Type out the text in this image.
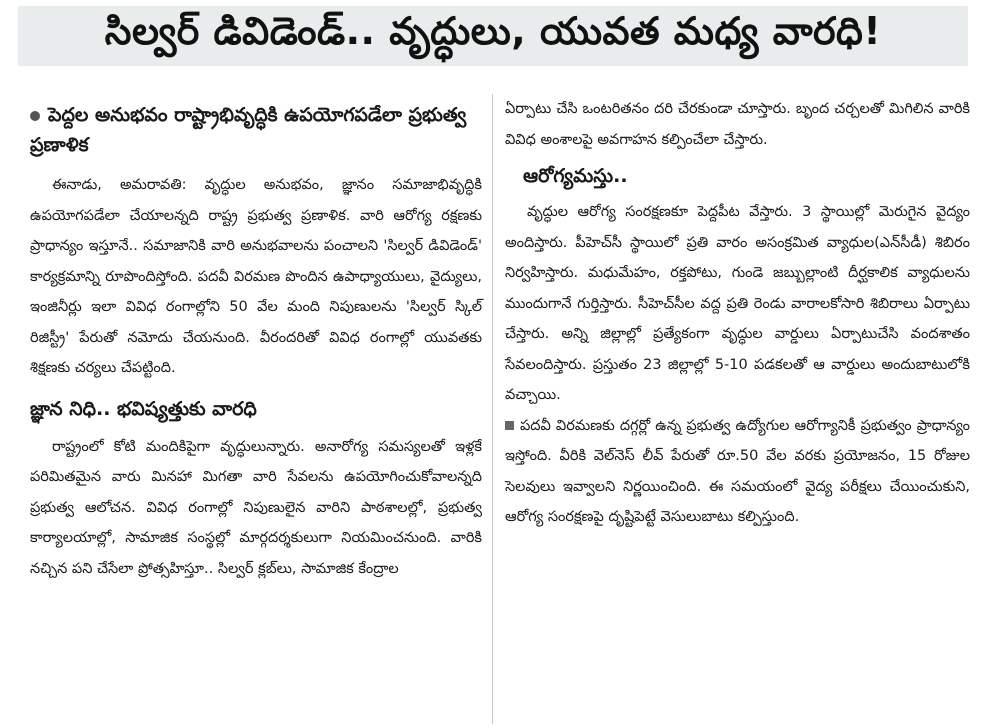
సిల్వర్ డివిడెండ్.. వృద్ధులు, యువత మధ్య వారధి!
పెద్దల అనుభవం రాష్ట్రాభివృద్ధికి ఉపయోగపడేలా ప్రభుత్వ ప్రణాళిక

ఈనాడు, అమరావతి: వృద్ధుల అనుభవం, జ్ఞానం సమాజాభివృద్ధికి ఉపయోగపడేలా చేయాలన్నది రాష్ట్ర ప్రభుత్వ ప్రణాళిక. వారి ఆరోగ్య రక్షణకు ప్రాధాన్యం ఇస్తూనే.. సమాజానికి వారి అనుభవాలను పంచాలని 'సిల్వర్ డివిడెండ్' కార్యక్రమాన్ని రూపొందిస్తోంది. పదవీ విరమణ పొందిన ఉపాధ్యాయులు, వైద్యులు, ఇంజినీర్లు ఇలా వివిధ రంగాల్లోని 50 వేల మంది నిపుణులను 'సిల్వర్ స్కిల్ రిజిస్ట్రీ' పేరుతో నమోదు చేయనుంది. వీరందరితో వివిధ రంగాల్లో యువతకు శిక్షణకు చర్యలు చేపట్టింది.

జ్ఞాన నిధి.. భవిష్యత్తుకు వారధి

రాష్ట్రంలో కోటి మందికిపైగా వృద్ధులున్నారు. అనారోగ్య సమస్యలతో ఇళ్లకే పరిమితమైన వారు మినహా మిగతా వారి సేవలను ఉపయోగించుకోవాలన్నది ప్రభుత్వ ఆలోచన. వివిధ రంగాల్లో నిపుణులైన వారిని పాఠశాలల్లో, ప్రభుత్వ కార్యాలయాల్లో, సామాజిక సంస్థల్లో మార్గదర్శకులుగా నియమించనుంది. వారికి నచ్చిన పని చేసేలా ప్రోత్సహిస్తూ.. సిల్వర్ క్లబ్‌లు, సామాజిక కేంద్రాల

ఏర్పాటు చేసి ఒంటరితనం దరి చేరకుండా చూస్తారు. బృంద చర్చలతో మిగిలిన వారికి వివిధ అంశాలపై అవగాహన కల్పించేలా చేస్తారు.

ఆరోగ్యమస్తు..

వృద్ధుల ఆరోగ్య సంరక్షణకూ పెద్దపీట వేస్తారు. 3 స్థాయిల్లో మెరుగైన వైద్యం అందిస్తారు. పీహెచ్‌సీ స్థాయిలో ప్రతి వారం అసంక్రమిత వ్యాధుల(ఎన్‌సీడీ) శిబిరం నిర్వహిస్తారు. మధుమేహం, రక్తపోటు, గుండె జబ్బుల్లాంటి దీర్ఘకాలిక వ్యాధులను ముందుగానే గుర్తిస్తారు. సీహెచ్‌సీల వద్ద ప్రతి రెండు వారాలకోసారి శిబిరాలు ఏర్పాటు చేస్తారు. అన్ని జిల్లాల్లో ప్రత్యేకంగా వృద్ధుల వార్డులు ఏర్పాటుచేసి వందశాతం సేవలందిస్తారు. ప్రస్తుతం 23 జిల్లాల్లో 5-10 పడకలతో ఆ వార్డులు అందుబాటులోకి వచ్చాయి.

పదవీ విరమణకు దగ్గర్లో ఉన్న ప్రభుత్వ ఉద్యోగుల ఆరోగ్యానికీ ప్రభుత్వం ప్రాధాన్యం ఇస్తోంది. వీరికి వెల్‌నెస్ లీవ్ పేరుతో రూ.50 వేల వరకు ప్రయోజనం, 15 రోజుల సెలవులు ఇవ్వాలని నిర్ణయించింది. ఈ సమయంలో వైద్య పరీక్షలు చేయించుకుని, ఆరోగ్య సంరక్షణపై దృష్టిపెట్టే వెసులుబాటు కల్పిస్తుంది.
